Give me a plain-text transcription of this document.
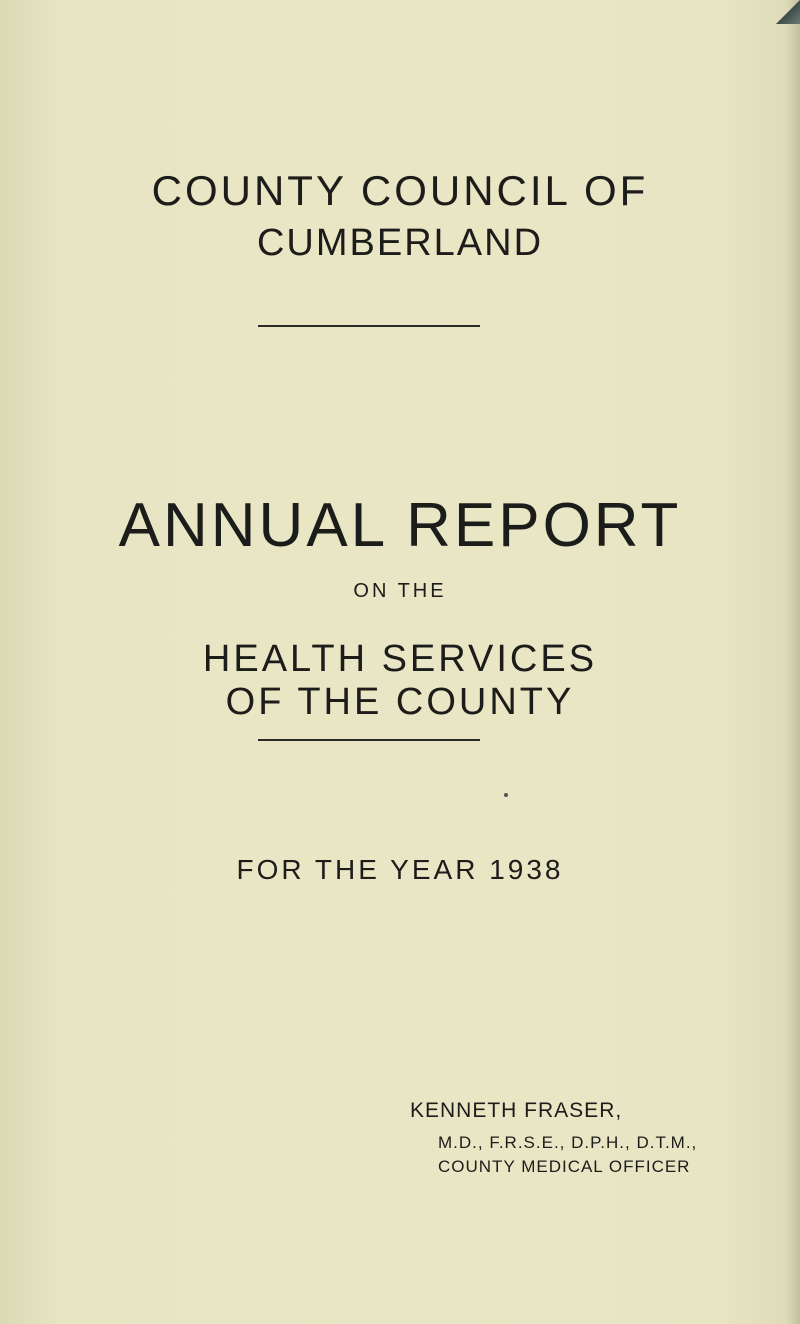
COUNTY COUNCIL OF
CUMBERLAND
ANNUAL REPORT
ON THE
HEALTH SERVICES
OF THE COUNTY
FOR THE YEAR 1938
KENNETH FRASER,
M.D., F.R.S.E., D.P.H., D.T.M.,
COUNTY MEDICAL OFFICER
